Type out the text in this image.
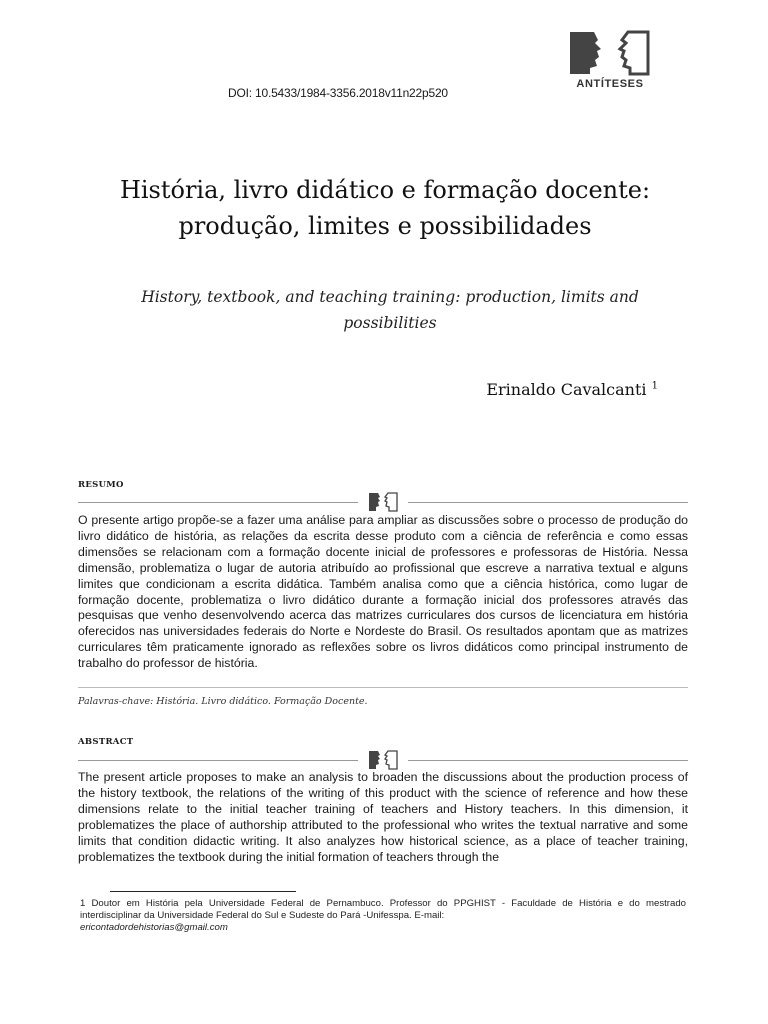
DOI: 10.5433/1984-3356.2018v11n22p520
ANTÍTESES
História, livro didático e formação docente: produção, limites e possibilidades
History, textbook, and teaching training: production, limits and possibilities
Erinaldo Cavalcanti $^1$
RESUMO
O presente artigo propõe-se a fazer uma análise para ampliar as discussões sobre o processo de produção do livro didático de história, as relações da escrita desse produto com a ciência de referência e como essas dimensões se relacionam com a formação docente inicial de professores e professoras de História. Nessa dimensão, problematiza o lugar de autoria atribuído ao profissional que escreve a narrativa textual e alguns limites que condicionam a escrita didática. Também analisa como que a ciência histórica, como lugar de formação docente, problematiza o livro didático durante a formação inicial dos professores através das pesquisas que venho desenvolvendo acerca das matrizes curriculares dos cursos de licenciatura em história oferecidos nas universidades federais do Norte e Nordeste do Brasil. Os resultados apontam que as matrizes curriculares têm praticamente ignorado as reflexões sobre os livros didáticos como principal instrumento de trabalho do professor de história.
Palavras-chave: História. Livro didático. Formação Docente.
ABSTRACT
The present article proposes to make an analysis to broaden the discussions about the production process of the history textbook, the relations of the writing of this product with the science of reference and how these dimensions relate to the initial teacher training of teachers and History teachers. In this dimension, it problematizes the place of authorship attributed to the professional who writes the textual narrative and some limits that condition didactic writing. It also analyzes how historical science, as a place of teacher training, problematizes the textbook during the initial formation of teachers through the
1 Doutor em História pela Universidade Federal de Pernambuco. Professor do PPGHIST - Faculdade de História e do mestrado interdisciplinar da Universidade Federal do Sul e Sudeste do Pará -Unifesspa. E-mail:
ericontadordehistorias@gmail.com
